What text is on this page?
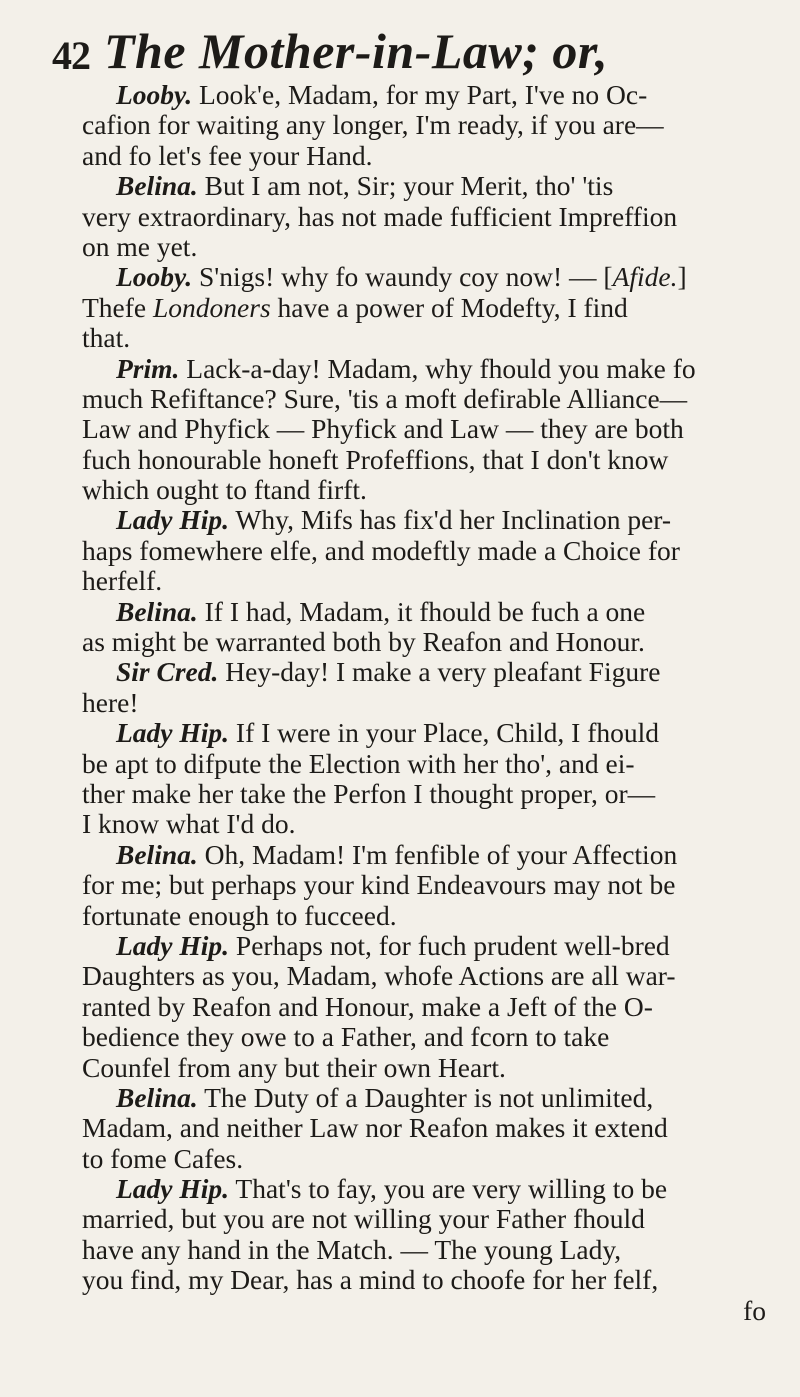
42 The Mother-in-Law; or,
Looby. Look'e, Madam, for my Part, I've no Oc-
cafion for waiting any longer, I'm ready, if you are—
and fo let's fee your Hand.
Belina. But I am not, Sir; your Merit, tho' 'tis
very extraordinary, has not made fufficient Impreffion
on me yet.
Looby. S'nigs! why fo waundy coy now! — [Afide.]
Thefe Londoners have a power of Modefty, I find
that.
Prim. Lack-a-day! Madam, why fhould you make fo
much Refiftance? Sure, 'tis a moft defirable Alliance—
Law and Phyfick — Phyfick and Law — they are both
fuch honourable honeft Profeffions, that I don't know
which ought to ftand firft.
Lady Hip. Why, Mifs has fix'd her Inclination per-
haps fomewhere elfe, and modeftly made a Choice for
herfelf.
Belina. If I had, Madam, it fhould be fuch a one
as might be warranted both by Reafon and Honour.
Sir Cred. Hey-day! I make a very pleafant Figure
here!
Lady Hip. If I were in your Place, Child, I fhould
be apt to difpute the Election with her tho', and ei-
ther make her take the Perfon I thought proper, or—
I know what I'd do.
Belina. Oh, Madam! I'm fenfible of your Affection
for me; but perhaps your kind Endeavours may not be
fortunate enough to fucceed.
Lady Hip. Perhaps not, for fuch prudent well-bred
Daughters as you, Madam, whofe Actions are all war-
ranted by Reafon and Honour, make a Jeft of the O-
bedience they owe to a Father, and fcorn to take
Counfel from any but their own Heart.
Belina. The Duty of a Daughter is not unlimited,
Madam, and neither Law nor Reafon makes it extend
to fome Cafes.
Lady Hip. That's to fay, you are very willing to be
married, but you are not willing your Father fhould
have any hand in the Match. — The young Lady,
you find, my Dear, has a mind to choofe for her felf,
fo
